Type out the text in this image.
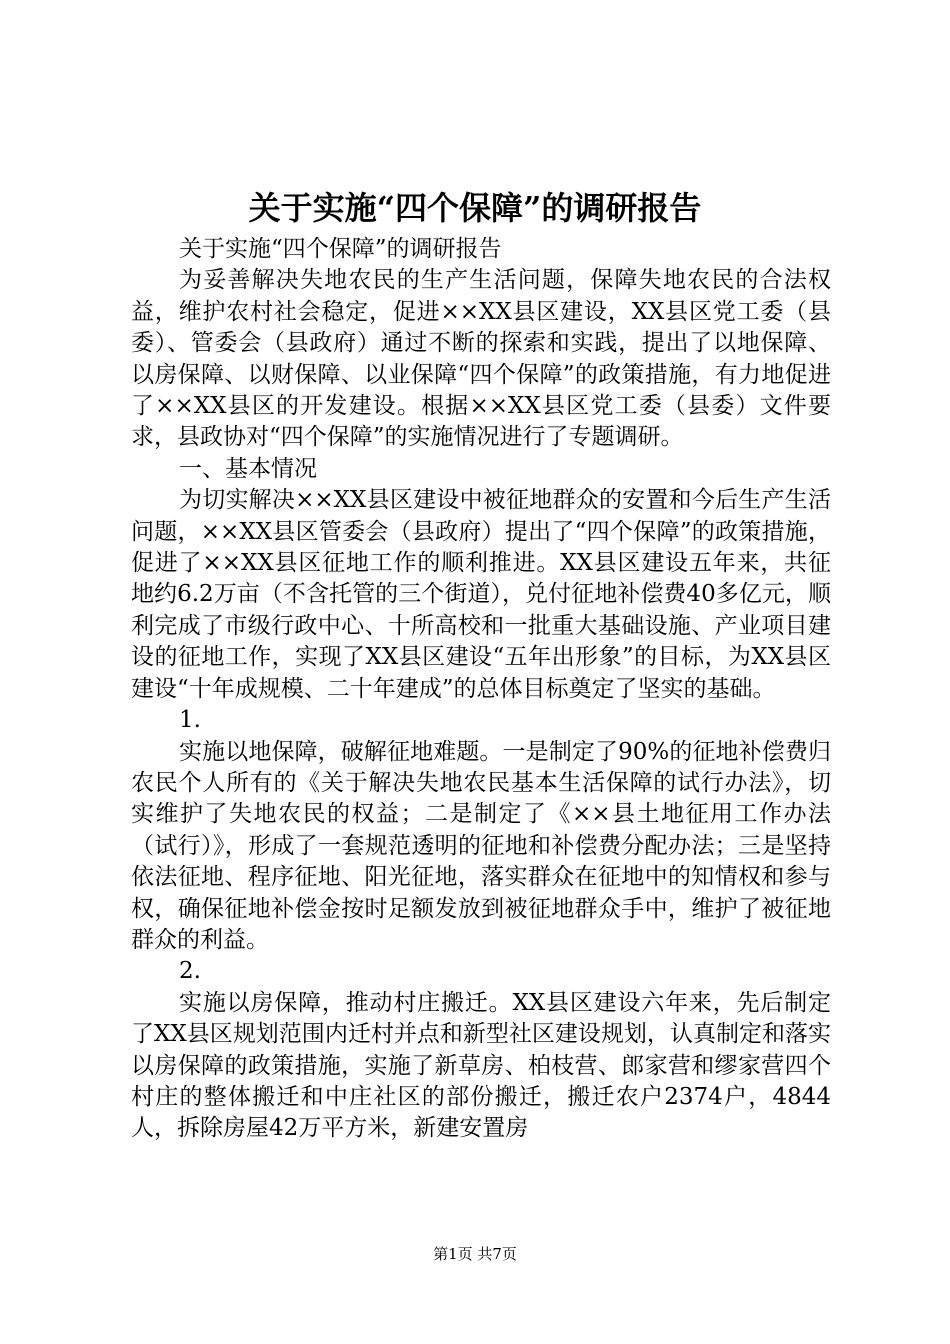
关于实施“四个保障”的调研报告

关于实施“四个保障”的调研报告

为妥善解决失地农民的生产生活问题，保障失地农民的合法权益，维护农村社会稳定，促进××XX县区建设，XX县区党工委（县委）、管委会（县政府）通过不断的探索和实践，提出了以地保障、以房保障、以财保障、以业保障“四个保障”的政策措施，有力地促进了××XX县区的开发建设。根据××XX县区党工委（县委）文件要求，县政协对“四个保障”的实施情况进行了专题调研。

一、基本情况

为切实解决××XX县区建设中被征地群众的安置和今后生产生活问题，××XX县区管委会（县政府）提出了“四个保障”的政策措施，促进了××XX县区征地工作的顺利推进。XX县区建设五年来，共征地约6.2万亩（不含托管的三个街道），兑付征地补偿费40多亿元，顺利完成了市级行政中心、十所高校和一批重大基础设施、产业项目建设的征地工作，实现了XX县区建设“五年出形象”的目标，为XX县区建设“十年成规模、二十年建成”的总体目标奠定了坚实的基础。

1.

实施以地保障，破解征地难题。一是制定了90%的征地补偿费归农民个人所有的《关于解决失地农民基本生活保障的试行办法》，切实维护了失地农民的权益；二是制定了《××县土地征用工作办法（试行）》，形成了一套规范透明的征地和补偿费分配办法；三是坚持依法征地、程序征地、阳光征地，落实群众在征地中的知情权和参与权，确保征地补偿金按时足额发放到被征地群众手中，维护了被征地群众的利益。

2.

实施以房保障，推动村庄搬迁。XX县区建设六年来，先后制定了XX县区规划范围内迁村并点和新型社区建设规划，认真制定和落实以房保障的政策措施，实施了新草房、柏枝营、郎家营和缪家营四个村庄的整体搬迁和中庄社区的部份搬迁，搬迁农户2374户，4844人，拆除房屋42万平方米，新建安置房

第1页 共7页
